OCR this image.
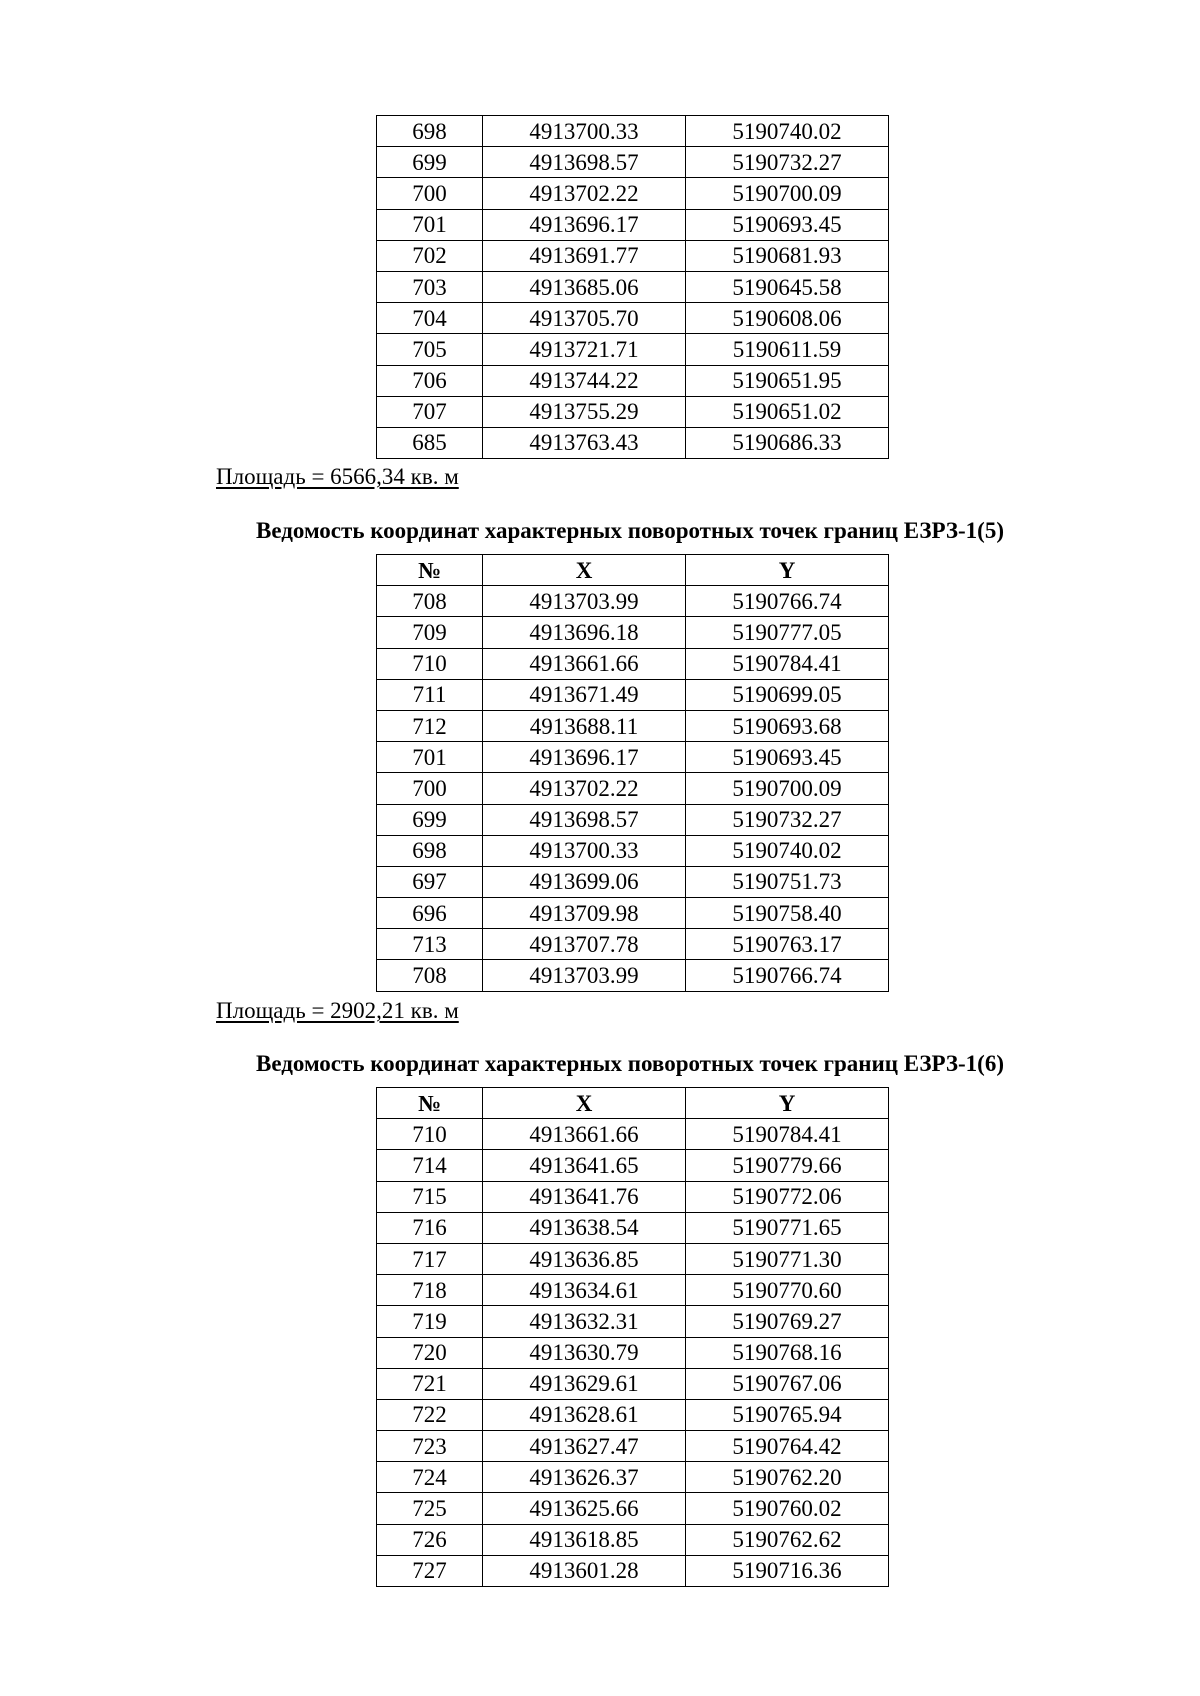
698	4913700.33	5190740.02
699	4913698.57	5190732.27
700	4913702.22	5190700.09
701	4913696.17	5190693.45
702	4913691.77	5190681.93
703	4913685.06	5190645.58
704	4913705.70	5190608.06
705	4913721.71	5190611.59
706	4913744.22	5190651.95
707	4913755.29	5190651.02
685	4913763.43	5190686.33
Площадь = 6566,34 кв. м
Ведомость координат характерных поворотных точек границ ЕЗРЗ-1(5)
№	X	Y
708	4913703.99	5190766.74
709	4913696.18	5190777.05
710	4913661.66	5190784.41
711	4913671.49	5190699.05
712	4913688.11	5190693.68
701	4913696.17	5190693.45
700	4913702.22	5190700.09
699	4913698.57	5190732.27
698	4913700.33	5190740.02
697	4913699.06	5190751.73
696	4913709.98	5190758.40
713	4913707.78	5190763.17
708	4913703.99	5190766.74
Площадь = 2902,21 кв. м
Ведомость координат характерных поворотных точек границ ЕЗРЗ-1(6)
№	X	Y
710	4913661.66	5190784.41
714	4913641.65	5190779.66
715	4913641.76	5190772.06
716	4913638.54	5190771.65
717	4913636.85	5190771.30
718	4913634.61	5190770.60
719	4913632.31	5190769.27
720	4913630.79	5190768.16
721	4913629.61	5190767.06
722	4913628.61	5190765.94
723	4913627.47	5190764.42
724	4913626.37	5190762.20
725	4913625.66	5190760.02
726	4913618.85	5190762.62
727	4913601.28	5190716.36
